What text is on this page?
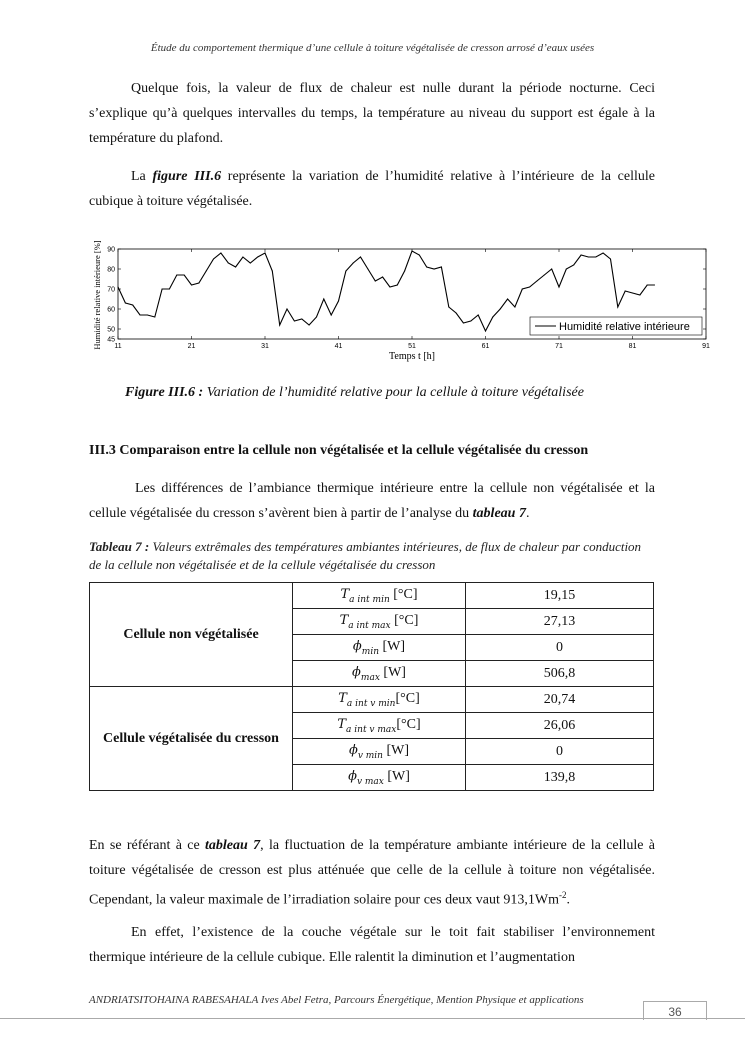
Étude du comportement thermique d’une cellule à toiture végétalisée de cresson arrosé d’eaux usées
Quelque fois, la valeur de flux de chaleur est nulle durant la période nocturne. Ceci s’explique qu’à quelques intervalles du temps, la température au niveau du support est égale à la température du plafond.
La figure III.6 représente la variation de l’humidité relative à l’intérieure de la cellule cubique à toiture végétalisée.
11	21	31	41	51	61	71	81	91
45
50
60
70
80
90
Temps t [h]
Humidité relative intérieure [%]	Humidité relative intérieure
Figure III.6 : Variation de l’humidité relative pour la cellule à toiture végétalisée
III.3 Comparaison entre la cellule non végétalisée et la cellule végétalisée du cresson
Les différences de l’ambiance thermique intérieure entre la cellule non végétalisée et la cellule végétalisée du cresson s’avèrent bien à partir de l’analyse du tableau 7.
Tableau 7 : Valeurs extrêmales des températures ambiantes intérieures, de flux de chaleur par conduction de la cellule non végétalisée et de la cellule végétalisée du cresson
Cellule non végétalisée	$T_{a int min}$ [°C]	19,15
	$T_{a int max}$ [°C]	27,13
	$\phi_{min}$ [W]	0
	$\phi_{max}$ [W]	506,8
Cellule végétalisée du cresson	$T_{a int v min}[^\circ C]$	20,74
	$T_{a int v max}[^\circ C]$	26,06
	$\phi_{v min}$ [W]	0
	$\phi_{v max}$ [W]	139,8
En se référant à ce tableau 7, la fluctuation de la température ambiante intérieure de la cellule à toiture végétalisée de cresson est plus atténuée que celle de la cellule à toiture non végétalisée. Cependant, la valeur maximale de l’irradiation solaire pour ces deux vaut $913,1Wm^{-2}$.
En effet, l’existence de la couche végétale sur le toit fait stabiliser l’environnement thermique intérieure de la cellule cubique. Elle ralentit la diminution et l’augmentation
ANDRIATSITOHAINA RABESAHALA Ives Abel Fetra, Parcours Énergétique, Mention Physique et applications
36
